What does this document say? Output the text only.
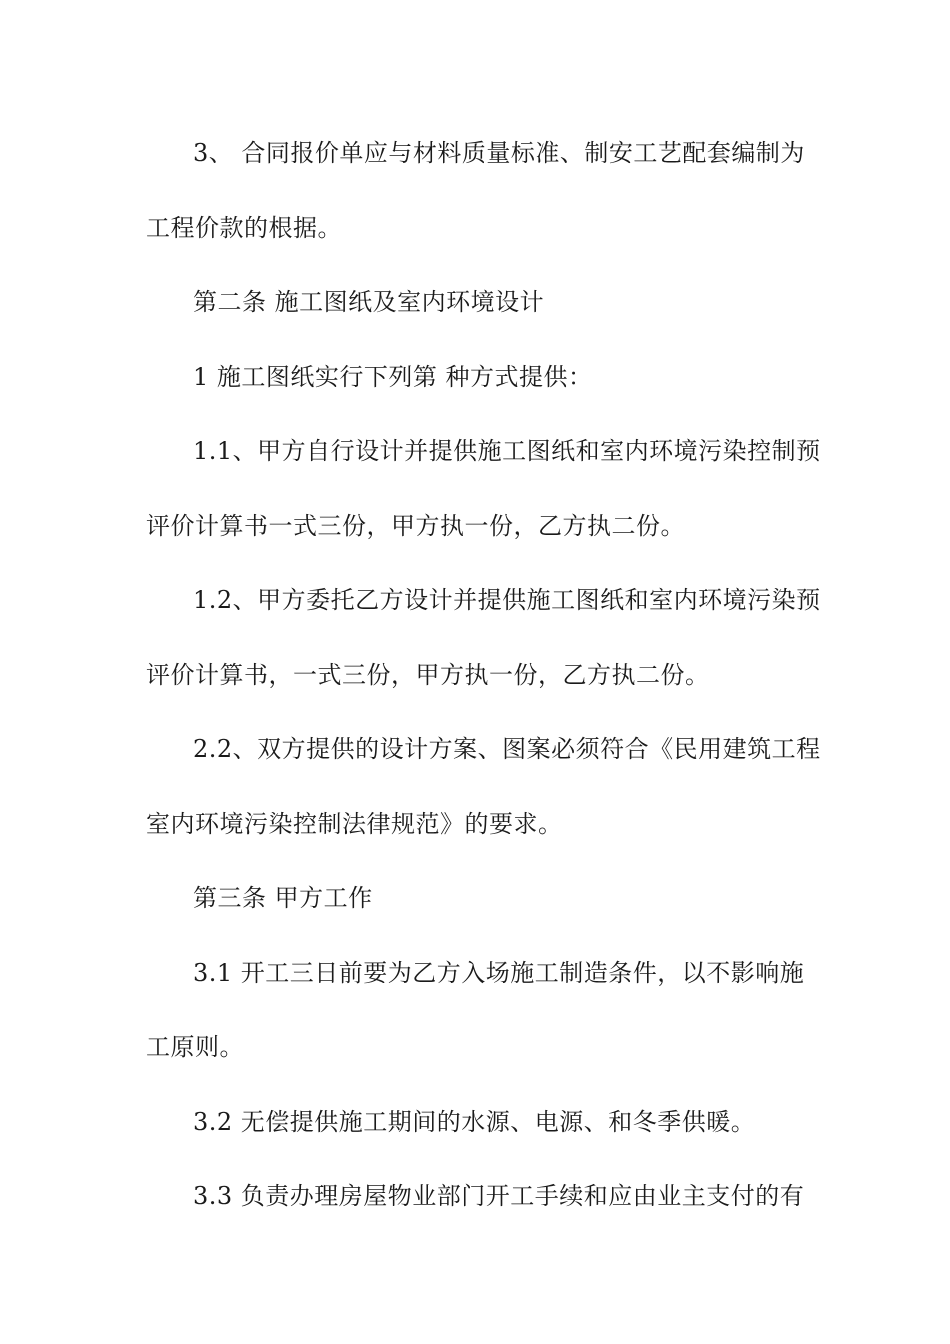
3、 合同报价单应与材料质量标准、制安工艺配套编制为

工程价款的根据。

第二条 施工图纸及室内环境设计

1 施工图纸实行下列第 种方式提供：

1.1、甲方自行设计并提供施工图纸和室内环境污染控制预

评价计算书一式三份，甲方执一份，乙方执二份。

1.2、甲方委托乙方设计并提供施工图纸和室内环境污染预

评价计算书，一式三份，甲方执一份，乙方执二份。

2.2、双方提供的设计方案、图案必须符合《民用建筑工程

室内环境污染控制法律规范》的要求。

第三条 甲方工作

3.1 开工三日前要为乙方入场施工制造条件，以不影响施

工原则。

3.2 无偿提供施工期间的水源、电源、和冬季供暖。

3.3 负责办理房屋物业部门开工手续和应由业主支付的有
